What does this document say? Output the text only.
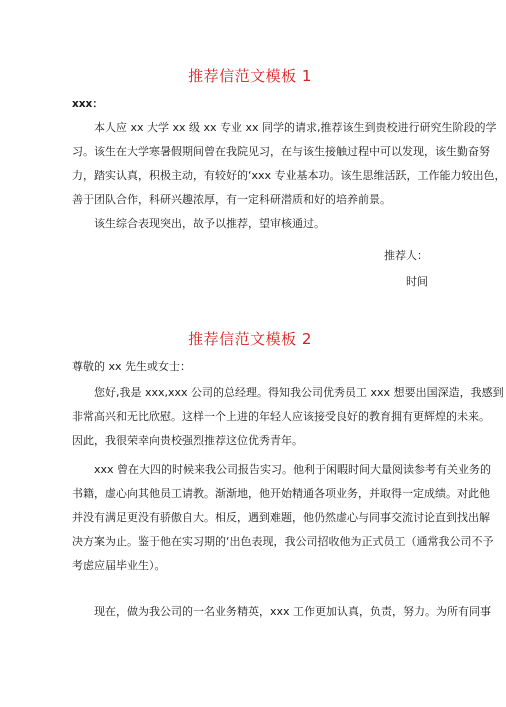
推荐信范文模板 1
xxx：
本人应 xx 大学 xx 级 xx 专业 xx 同学的请求,推荐该生到贵校进行研究生阶段的学
习。该生在大学寒暑假期间曾在我院见习，在与该生接触过程中可以发现，该生勤奋努
力，踏实认真，积极主动，有较好的‘xxx 专业基本功。该生思维活跃，工作能力较出色，
善于团队合作，科研兴趣浓厚，有一定科研潜质和好的培养前景。
该生综合表现突出，故予以推荐，望审核通过。
推荐人：
时间
推荐信范文模板 2
尊敬的 xx 先生或女士：
您好,我是 xxx,xxx 公司的总经理。得知我公司优秀员工 xxx 想要出国深造，我感到
非常高兴和无比欣慰。这样一个上进的年轻人应该接受良好的教育拥有更辉煌的未来。
因此，我很荣幸向贵校强烈推荐这位优秀青年。
xxx 曾在大四的时候来我公司报告实习。他利于闲暇时间大量阅读参考有关业务的
书籍，虚心向其他员工请教。渐渐地，他开始精通各项业务，并取得一定成绩。对此他
并没有满足更没有骄傲自大。相反，遇到难题，他仍然虚心与同事交流讨论直到找出解
决方案为止。鉴于他在实习期的‘出色表现，我公司招收他为正式员工（通常我公司不予
考虑应届毕业生）。
现在，做为我公司的一名业务精英，xxx 工作更加认真，负责，努力。为所有同事
